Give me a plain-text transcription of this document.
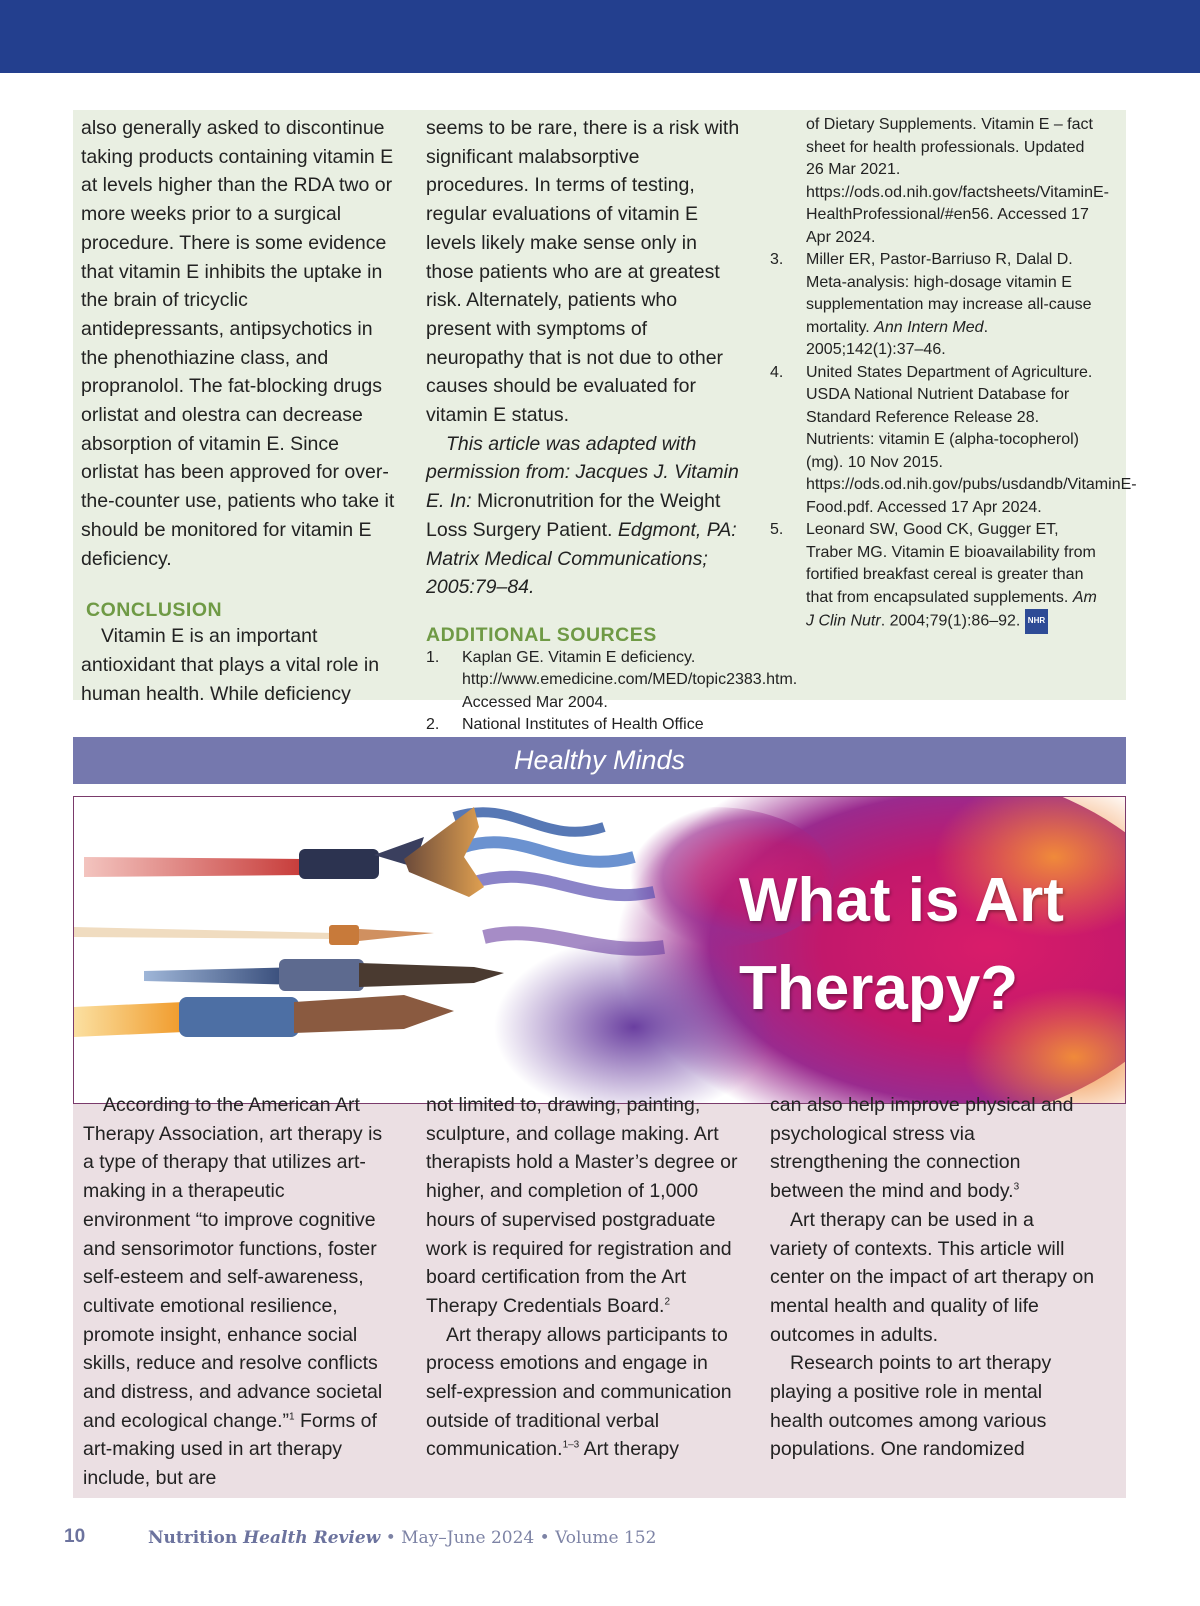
also generally asked to discontinue taking products containing vitamin E at levels higher than the RDA two or more weeks prior to a surgical procedure. There is some evidence that vitamin E inhibits the uptake in the brain of tricyclic antidepressants, antipsychotics in the phenothiazine class, and propranolol. The fat-blocking drugs orlistat and olestra can decrease absorption of vitamin E. Since orlistat has been approved for over-the-counter use, patients who take it should be monitored for vitamin E deficiency.

CONCLUSION

Vitamin E is an important antioxidant that plays a vital role in human health. While deficiency

seems to be rare, there is a risk with significant malabsorptive procedures. In terms of testing, regular evaluations of vitamin E levels likely make sense only in those patients who are at greatest risk. Alternately, patients who present with symptoms of neuropathy that is not due to other causes should be evaluated for vitamin E status.

This article was adapted with permission from: Jacques J. Vitamin E. In: Micronutrition for the Weight Loss Surgery Patient. Edgmont, PA: Matrix Medical Communications; 2005:79–84.

ADDITIONAL SOURCES

1. Kaplan GE. Vitamin E deficiency. http://www.emedicine.com/MED/topic2383.htm. Accessed Mar 2004.
2. National Institutes of Health Office
of Dietary Supplements. Vitamin E – fact sheet for health professionals. Updated 26 Mar 2021. https://ods.od.nih.gov/factsheets/VitaminE-HealthProfessional/#en56. Accessed 17 Apr 2024.
3. Miller ER, Pastor-Barriuso R, Dalal D. Meta-analysis: high-dosage vitamin E supplementation may increase all-cause mortality. Ann Intern Med. 2005;142(1):37–46.
4. United States Department of Agriculture. USDA National Nutrient Database for Standard Reference Release 28. Nutrients: vitamin E (alpha-tocopherol) (mg). 10 Nov 2015. https://ods.od.nih.gov/pubs/usdandb/VitaminE-Food.pdf. Accessed 17 Apr 2024.
5. Leonard SW, Good CK, Gugger ET, Traber MG. Vitamin E bioavailability from fortified breakfast cereal is greater than that from encapsulated supplements. Am J Clin Nutr. 2004;79(1):86–92. NHR
Healthy Minds
What is Art
Therapy?

According to the American Art Therapy Association, art therapy is a type of therapy that utilizes art-making in a therapeutic environment “to improve cognitive and sensorimotor functions, foster self-esteem and self-awareness, cultivate emotional resilience, promote insight, enhance social skills, reduce and resolve conflicts and distress, and advance societal and ecological change.”$^1$ Forms of art-making used in art therapy include, but are

not limited to, drawing, painting, sculpture, and collage making. Art therapists hold a Master’s degree or higher, and completion of 1,000 hours of supervised postgraduate work is required for registration and board certification from the Art Therapy Credentials Board.$^2$

Art therapy allows participants to process emotions and engage in self-expression and communication outside of traditional verbal communication.$^{1-3}$ Art therapy

can also help improve physical and psychological stress via strengthening the connection between the mind and body.$^3$

Art therapy can be used in a variety of contexts. This article will center on the impact of art therapy on mental health and quality of life outcomes in adults.

Research points to art therapy playing a positive role in mental health outcomes among various populations. One randomized

10	Nutrition Health Review • May–June 2024 • Volume 152
